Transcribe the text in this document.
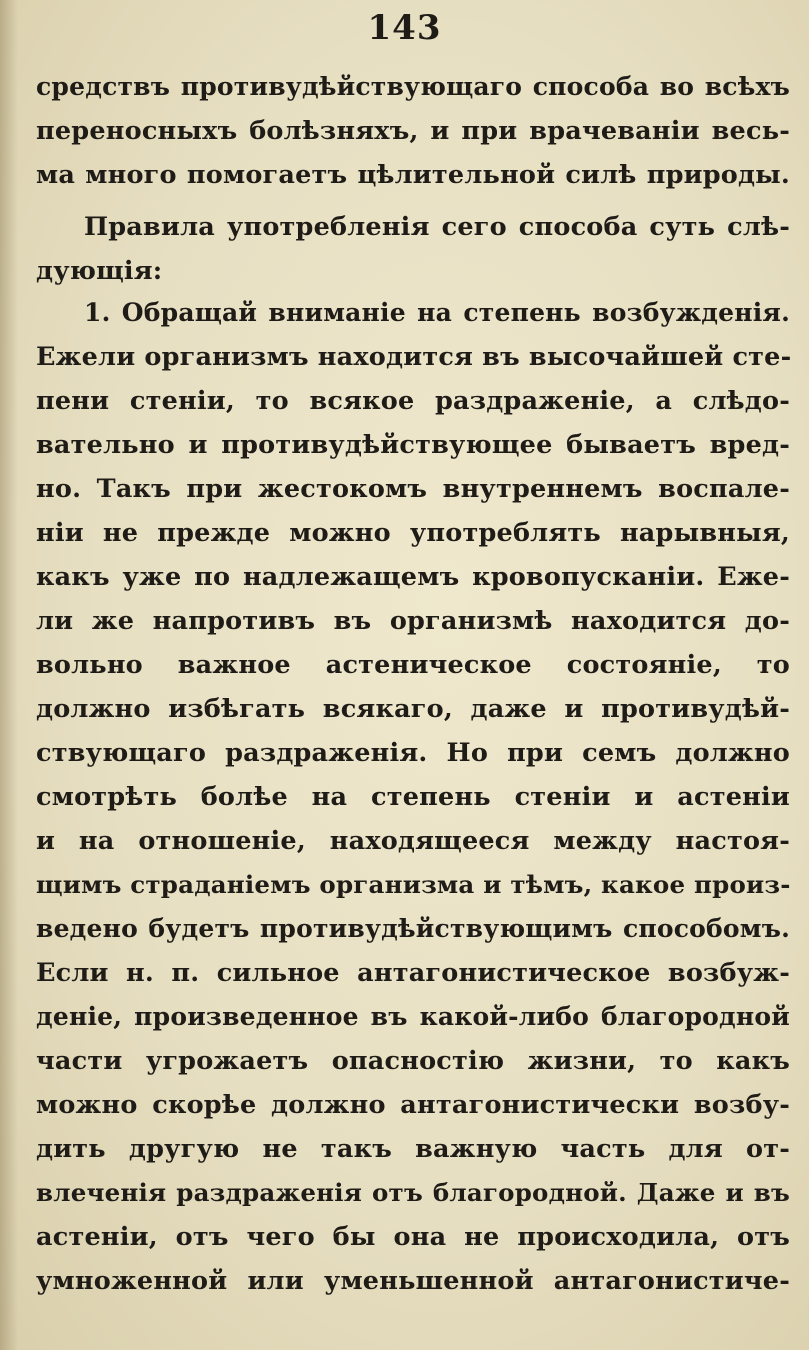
143
средствъ противудѣйствующаго способа во всѣхъ
переносныхъ болѣзняхъ, и при врачеваніи весь-
ма много помогаетъ цѣлительной силѣ природы.
Правила употребленія сего способа суть слѣ-
дующія:
1. Обращай вниманіе на степень возбужденія.
Ежели организмъ находится въ высочайшей сте-
пени стеніи, то всякое раздраженіе, а слѣдо-
вательно и противудѣйствующее бываетъ вред-
но. Такъ при жестокомъ внутреннемъ воспале-
ніи не прежде можно употреблять нарывныя,
какъ уже по надлежащемъ кровопусканіи. Еже-
ли же напротивъ въ организмѣ находится до-
вольно важное астеническое состояніе, то
должно избѣгать всякаго, даже и противудѣй-
ствующаго раздраженія. Но при семъ должно
смотрѣть болѣе на степень стеніи и астеніи
и на отношеніе, находящееся между настоя-
щимъ страданіемъ организма и тѣмъ, какое произ-
ведено будетъ противудѣйствующимъ способомъ.
Если н. п. сильное антагонистическое возбуж-
деніе, произведенное въ какой-либо благородной
части угрожаетъ опасностію жизни, то какъ
можно скорѣе должно антагонистически возбу-
дить другую не такъ важную часть для от-
влеченія раздраженія отъ благородной. Даже и въ
астеніи, отъ чего бы она не происходила, отъ
умноженной или уменьшенной антагонистиче-
